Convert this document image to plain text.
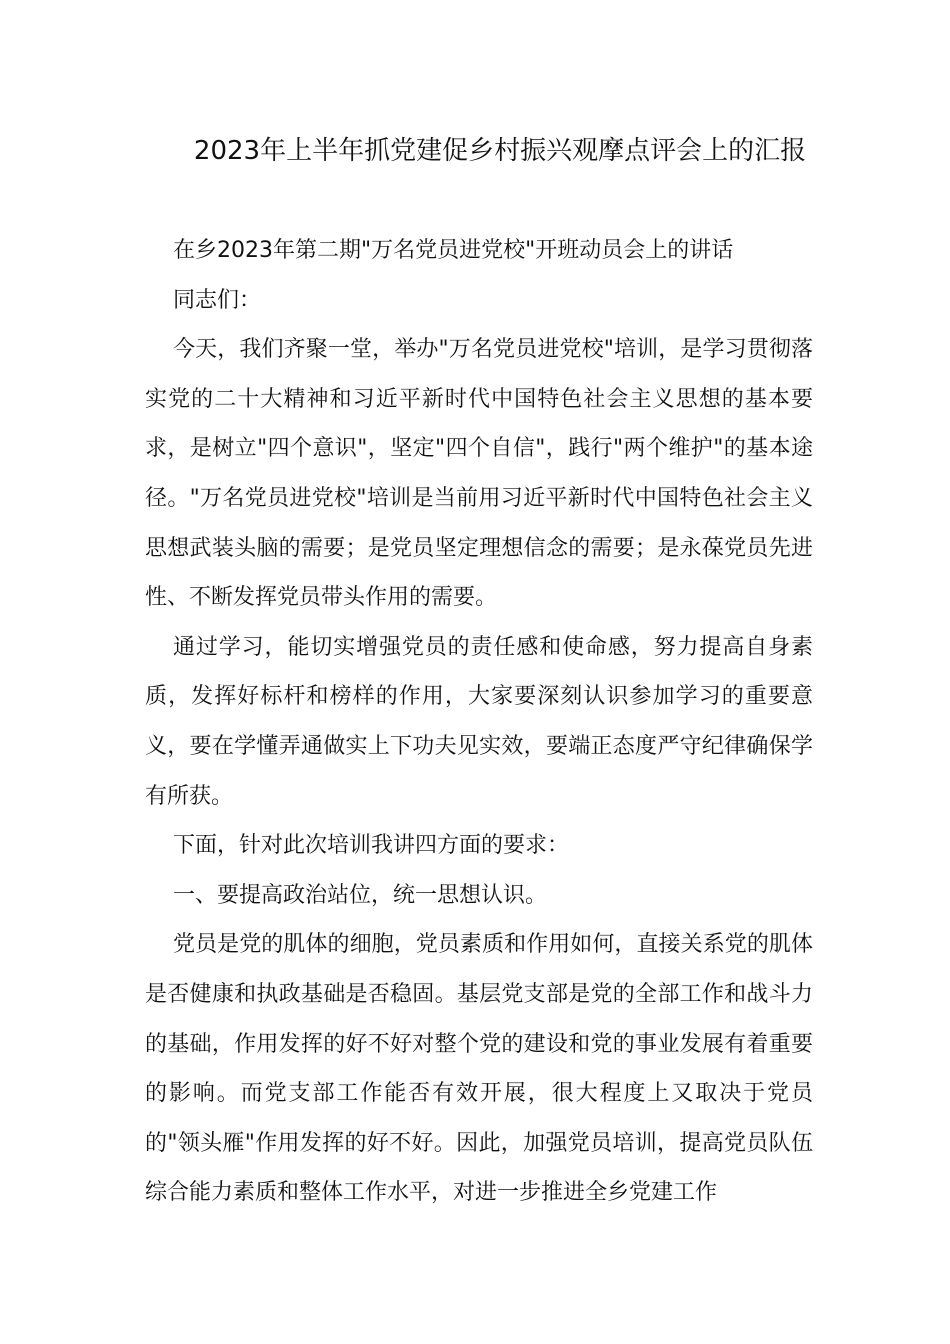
2023年上半年抓党建促乡村振兴观摩点评会上的汇报

在乡2023年第二期"万名党员进党校"开班动员会上的讲话

同志们：

今天，我们齐聚一堂，举办"万名党员进党校"培训，是学习贯彻落实党的二十大精神和习近平新时代中国特色社会主义思想的基本要求，是树立"四个意识"，坚定"四个自信"，践行"两个维护"的基本途径。"万名党员进党校"培训是当前用习近平新时代中国特色社会主义思想武装头脑的需要；是党员坚定理想信念的需要；是永葆党员先进性、不断发挥党员带头作用的需要。

通过学习，能切实增强党员的责任感和使命感，努力提高自身素质，发挥好标杆和榜样的作用，大家要深刻认识参加学习的重要意义，要在学懂弄通做实上下功夫见实效，要端正态度严守纪律确保学有所获。

下面，针对此次培训我讲四方面的要求：

一、要提高政治站位，统一思想认识。

党员是党的肌体的细胞，党员素质和作用如何，直接关系党的肌体是否健康和执政基础是否稳固。基层党支部是党的全部工作和战斗力的基础，作用发挥的好不好对整个党的建设和党的事业发展有着重要的影响。而党支部工作能否有效开展，很大程度上又取决于党员的"领头雁"作用发挥的好不好。因此，加强党员培训，提高党员队伍综合能力素质和整体工作水平，对进一步推进全乡党建工作
